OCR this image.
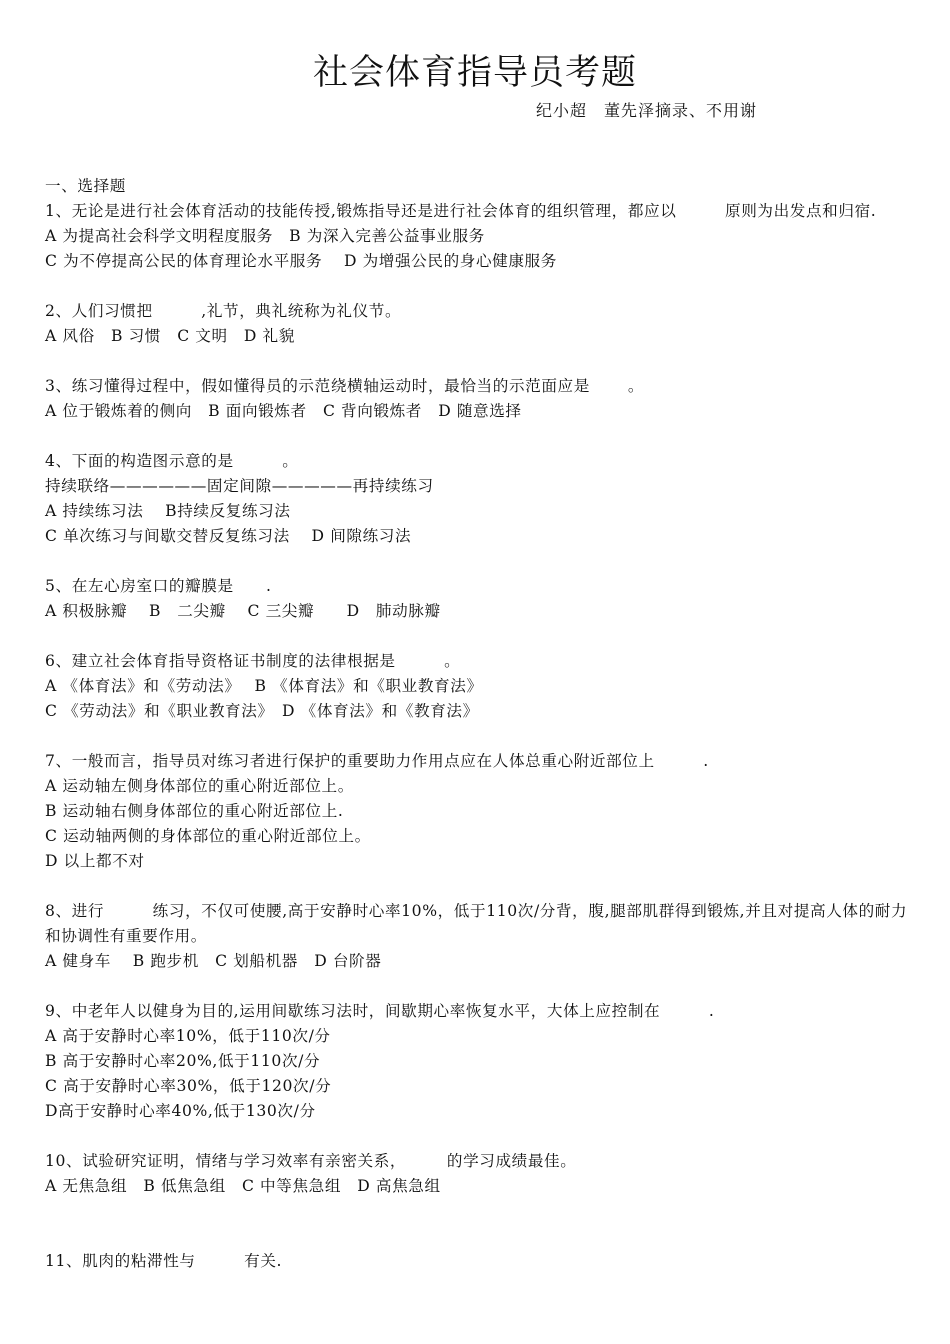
社会体育指导员考题
纪小超　董先泽摘录、不用谢
一、选择题
1、无论是进行社会体育活动的技能传授,锻炼指导还是进行社会体育的组织管理，都应以　　　原则为出发点和归宿.
A 为提高社会科学文明程度服务　B 为深入完善公益事业服务
C 为不停提高公民的体育理论水平服务　 D 为增强公民的身心健康服务
2、人们习惯把　　　,礼节，典礼统称为礼仪节。
A 风俗　B 习惯　C 文明　D 礼貌
3、练习懂得过程中，假如懂得员的示范绕横轴运动时，最恰当的示范面应是　　 。
A 位于锻炼着的侧向　B 面向锻炼者　C 背向锻炼者　D 随意选择
4、下面的构造图示意的是　　　。
持续联络——————固定间隙—————再持续练习
A 持续练习法　 B持续反复练习法
C 单次练习与间歇交替反复练习法　 D 间隙练习法
5、在左心房室口的瓣膜是　　.
A 积极脉瓣　 B　二尖瓣　 C 三尖瓣　　D　肺动脉瓣
6、建立社会体育指导资格证书制度的法律根据是　　　。
A 《体育法》和《劳动法》　 B 《体育法》和《职业教育法》
C 《劳动法》和《职业教育法》　D 《体育法》和《教育法》
7、一般而言，指导员对练习者进行保护的重要助力作用点应在人体总重心附近部位上　　　.
A 运动轴左侧身体部位的重心附近部位上。
B 运动轴右侧身体部位的重心附近部位上.
C 运动轴两侧的身体部位的重心附近部位上。
D 以上都不对
8、进行　　　练习，不仅可使腰,高于安静时心率10%，低于110次/分背，腹,腿部肌群得到锻炼,并且对提高人体的耐力和协调性有重要作用。
A 健身车　 B 跑步机　C 划船机器　D 台阶器
9、中老年人以健身为目的,运用间歇练习法时，间歇期心率恢复水平，大体上应控制在　　　.
A 高于安静时心率10%，低于110次/分
B 高于安静时心率20%,低于110次/分
C 高于安静时心率30%，低于120次/分
D高于安静时心率40%,低于130次/分
10、试验研究证明，情绪与学习效率有亲密关系，　　　的学习成绩最佳。
A 无焦急组　B 低焦急组　C 中等焦急组　D 高焦急组
11、肌肉的粘滞性与　　　有关.
